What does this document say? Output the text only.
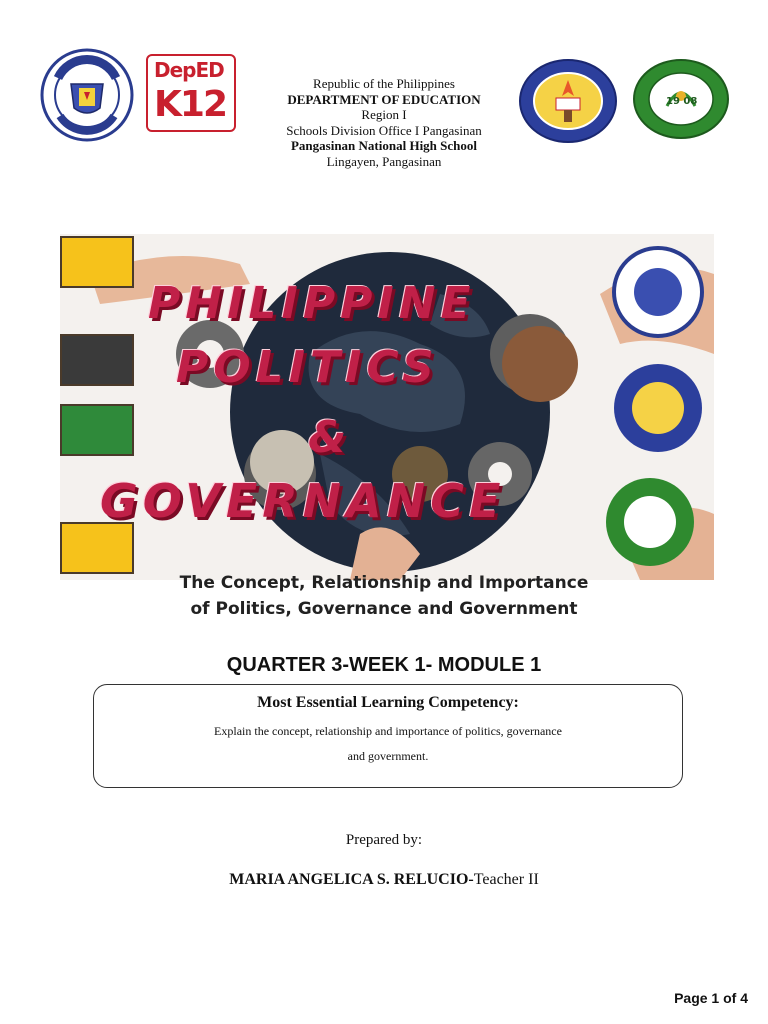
DepED
K12
Republic of the Philippines
DEPARTMENT OF EDUCATION
Region I
Schools Division Office I Pangasinan
Pangasinan National High School
Lingayen, Pangasinan
19 08
PHILIPPINE
POLITICS
&
GOVERNANCE
The Concept, Relationship and Importance
of Politics, Governance and Government
QUARTER 3-WEEK 1- MODULE 1
Most Essential Learning Competency:
Explain the concept, relationship and importance of politics, governance
and government.
Prepared by:
MARIA ANGELICA S. RELUCIO-Teacher II
Page 1 of 4
